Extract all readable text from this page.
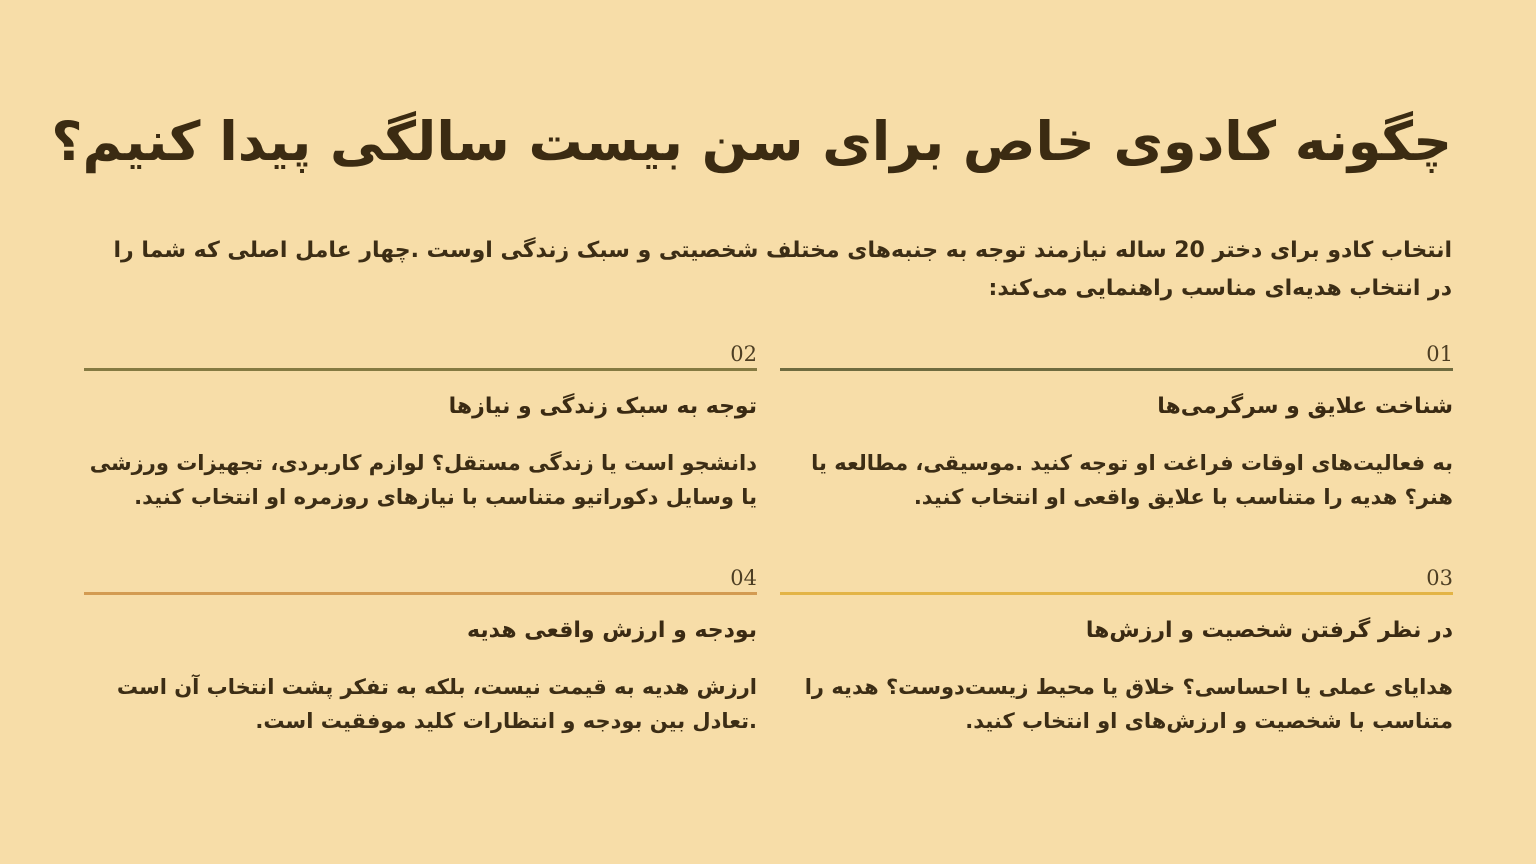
چگونه کادوی خاص برای سن بیست سالگی پیدا کنیم؟

انتخاب کادو برای دختر 20 ساله نیازمند توجه به جنبه‌های مختلف شخصیتی و سبک زندگی اوست .چهار عامل اصلی که شما را در انتخاب هدیه‌ای مناسب راهنمایی می‌کند:

01
شناخت علایق و سرگرمی‌ها

به فعالیت‌های اوقات فراغت او توجه کنید .موسیقی، مطالعه یا هنر؟ هدیه را متناسب با علایق واقعی او انتخاب کنید.

02
توجه به سبک زندگی و نیازها

دانشجو است یا زندگی مستقل؟ لوازم کاربردی، تجهیزات ورزشی یا وسایل دکوراتیو متناسب با نیازهای روزمره او انتخاب کنید.

03
در نظر گرفتن شخصیت و ارزش‌ها

هدایای عملی یا احساسی؟ خلاق یا محیط زیست‌دوست؟ هدیه را متناسب با شخصیت و ارزش‌های او انتخاب کنید.

04
بودجه و ارزش واقعی هدیه

ارزش هدیه به قیمت نیست، بلکه به تفکر پشت انتخاب آن است .تعادل بین بودجه و انتظارات کلید موفقیت است.
